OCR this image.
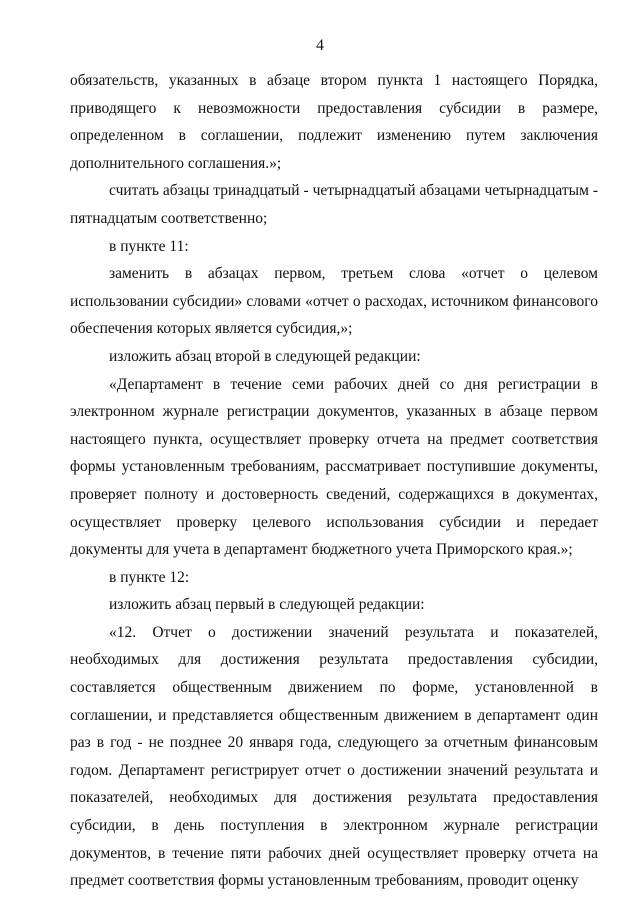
4

обязательств, указанных в абзаце втором пункта 1 настоящего Порядка, приводящего к невозможности предоставления субсидии в размере, определенном в соглашении, подлежит изменению путем заключения дополнительного соглашения.»;

считать абзацы тринадцатый - четырнадцатый абзацами четырнадцатым - пятнадцатым соответственно;

в пункте 11:

заменить в абзацах первом, третьем слова «отчет о целевом использовании субсидии» словами «отчет о расходах, источником финансового обеспечения которых является субсидия,»;

изложить абзац второй в следующей редакции:

«Департамент в течение семи рабочих дней со дня регистрации в электронном журнале регистрации документов, указанных в абзаце первом настоящего пункта, осуществляет проверку отчета на предмет соответствия формы установленным требованиям, рассматривает поступившие документы, проверяет полноту и достоверность сведений, содержащихся в документах, осуществляет проверку целевого использования субсидии и передает документы для учета в департамент бюджетного учета Приморского края.»;

в пункте 12:

изложить абзац первый в следующей редакции:

«12. Отчет о достижении значений результата и показателей, необходимых для достижения результата предоставления субсидии, составляется общественным движением по форме, установленной в соглашении, и представляется общественным движением в департамент один раз в год - не позднее 20 января года, следующего за отчетным финансовым годом. Департамент регистрирует отчет о достижении значений результата и показателей, необходимых для достижения результата предоставления субсидии, в день поступления в электронном журнале регистрации документов, в течение пяти рабочих дней осуществляет проверку отчета на предмет соответствия формы установленным требованиям, проводит оценку
